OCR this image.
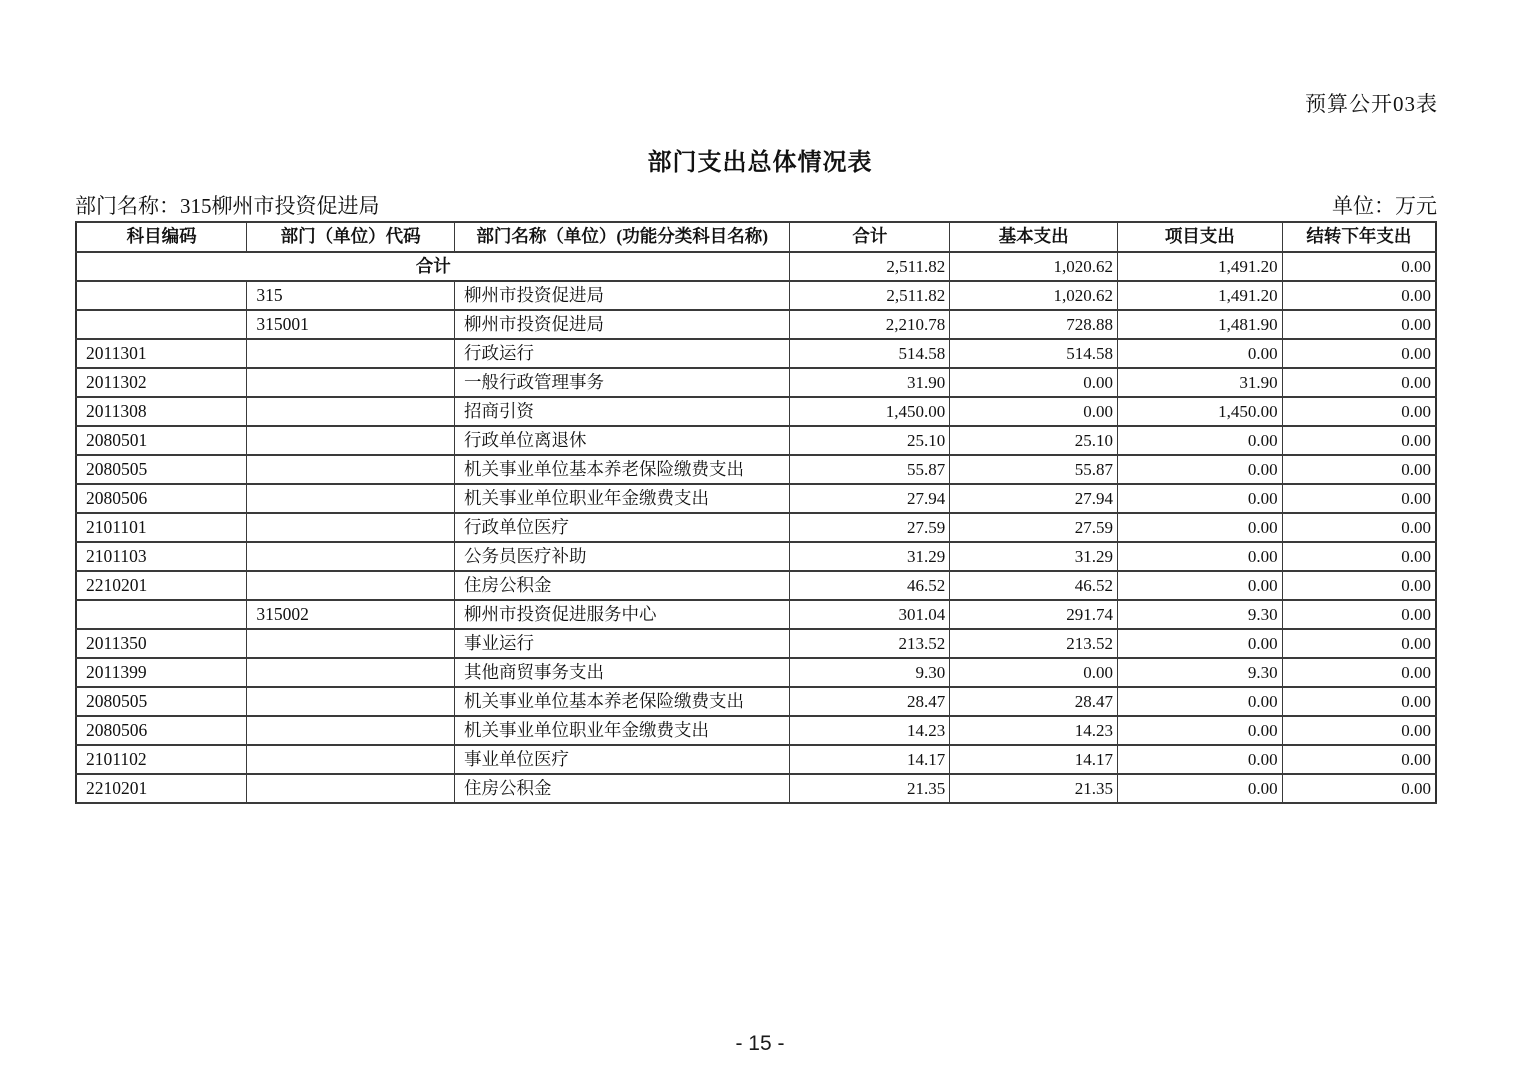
预算公开03表
部门支出总体情况表
部门名称：315柳州市投资促进局	单位：万元
科目编码	部门（单位）代码	部门名称（单位）(功能分类科目名称)	合计	基本支出	项目支出	结转下年支出
合计			2,511.82	1,020.62	1,491.20	0.00
	315	柳州市投资促进局	2,511.82	1,020.62	1,491.20	0.00
	315001	柳州市投资促进局	2,210.78	728.88	1,481.90	0.00
2011301		行政运行	514.58	514.58	0.00	0.00
2011302		一般行政管理事务	31.90	0.00	31.90	0.00
2011308		招商引资	1,450.00	0.00	1,450.00	0.00
2080501		行政单位离退休	25.10	25.10	0.00	0.00
2080505		机关事业单位基本养老保险缴费支出	55.87	55.87	0.00	0.00
2080506		机关事业单位职业年金缴费支出	27.94	27.94	0.00	0.00
2101101		行政单位医疗	27.59	27.59	0.00	0.00
2101103		公务员医疗补助	31.29	31.29	0.00	0.00
2210201		住房公积金	46.52	46.52	0.00	0.00
	315002	柳州市投资促进服务中心	301.04	291.74	9.30	0.00
2011350		事业运行	213.52	213.52	0.00	0.00
2011399		其他商贸事务支出	9.30	0.00	9.30	0.00
2080505		机关事业单位基本养老保险缴费支出	28.47	28.47	0.00	0.00
2080506		机关事业单位职业年金缴费支出	14.23	14.23	0.00	0.00
2101102		事业单位医疗	14.17	14.17	0.00	0.00
2210201		住房公积金	21.35	21.35	0.00	0.00
- 15 -
